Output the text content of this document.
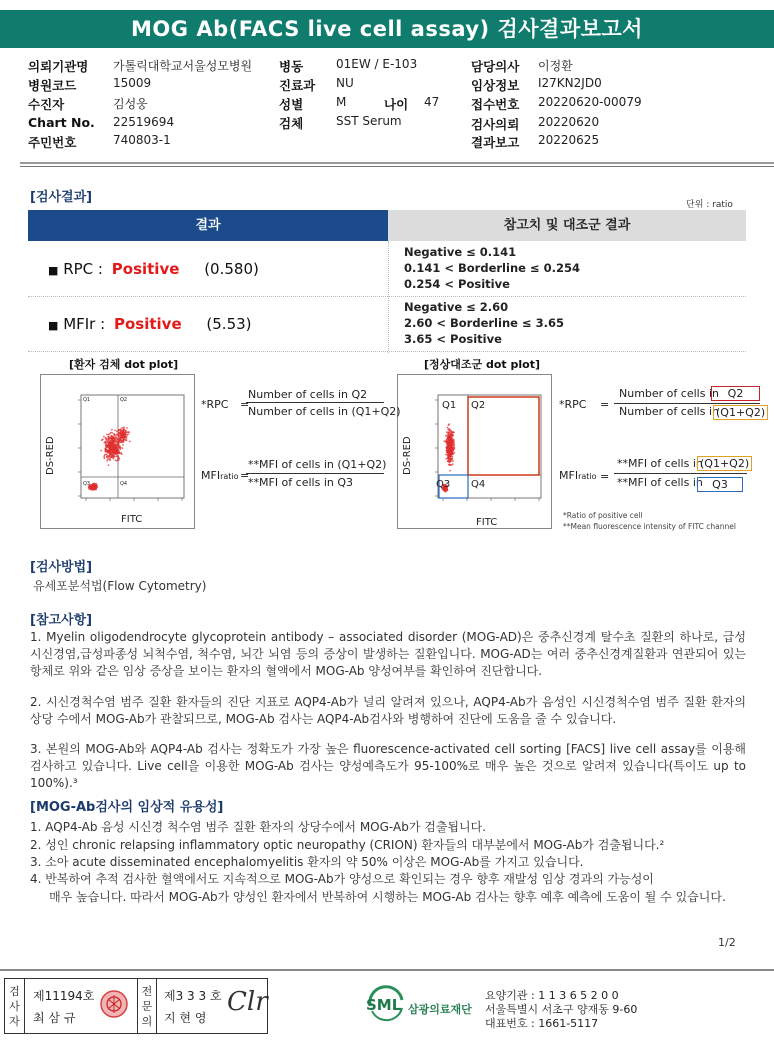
MOG Ab(FACS live cell assay) 검사결과보고서
의뢰기관명 가톨릭대학교서울성모병원
병원코드	15009
수진자	김성웅
Chart No. 22519694
주민번호	740803-1
병동	01EW / E-103
진료과 NU
성별	M	나이 47
검체	SST Serum
담당의사 이정환
임상정보 I27KN2JD0
접수번호 20220620-00079
검사의뢰 20220620
결과보고 20220625
[검사결과]	단위 : ratio
결과	참고치 및 대조군 결과
■ RPC : Positive (0.580)
Negative ≤ 0.141
0.141 < Borderline ≤ 0.254
0.254 < Positive
■ MFIr : Positive (5.53)
Negative ≤ 2.60
2.60 < Borderline ≤ 3.65
3.65 < Positive
[환자 검체 dot plot]	[정상대조군 dot plot]
Q1	Q2
Q3	Q4
DS-RED
FITC
Q1 Q2
Q3 Q4
DS-RED
FITC
*RPC =
Number of cells in Q2
Number of cells in (Q1+Q2)
MFIratio =
**MFI of cells in (Q1+Q2)
**MFI of cells in Q3
*RPC =
Number of cells in Q2
Number of cells in
(Q1+Q2)
MFIratio =
**MFI of cells in
(Q1+Q2)
**MFI of cells in Q3
*Ratio of positive cell
**Mean fluorescence intensity of FITC channel
[검사방법]
유세포분석법(Flow Cytometry)
[참고사항]
1. Myelin oligodendrocyte glycoprotein antibody – associated disorder (MOG-AD)은 중추신경계 탈수초 질환의 하나로, 급성 시신경염,급성파종성 뇌척수염, 척수염, 뇌간 뇌염 등의 증상이 발생하는 질환입니다. MOG-AD는 여러 중추신경계질환과 연관되어 있는 항체로 위와 같은 임상 증상을 보이는 환자의 혈액에서 MOG-Ab 양성여부를 확인하여 진단합니다.
2. 시신경척수염 범주 질환 환자들의 진단 지표로 AQP4-Ab가 널리 알려져 있으나, AQP4-Ab가 음성인 시신경척수염 범주 질환 환자의 상당 수에서 MOG-Ab가 관찰되므로, MOG-Ab 검사는 AQP4-Ab검사와 병행하여 진단에 도움을 줄 수 있습니다.
3. 본원의 MOG-Ab와 AQP4-Ab 검사는 정확도가 가장 높은 fluorescence-activated cell sorting [FACS] live cell assay를 이용해 검사하고 있습니다. Live cell을 이용한 MOG-Ab 검사는 양성예측도가 95-100%로 매우 높은 것으로 알려져 있습니다(특이도 up to 100%).³
[MOG-Ab검사의 임상적 유용성]
1. AQP4-Ab 음성 시신경 척수염 범주 질환 환자의 상당수에서 MOG-Ab가 검출됩니다.
2. 성인 chronic relapsing inflammatory optic neuropathy (CRION) 환자들의 대부분에서 MOG-Ab가 검출됩니다.²
3. 소아 acute disseminated encephalomyelitis 환자의 약 50% 이상은 MOG-Ab를 가지고 있습니다.
4. 반복하여 추적 검사한 혈액에서도 지속적으로 MOG-Ab가 양성으로 확인되는 경우 향후 재발성 임상 경과의 가능성이
매우 높습니다. 따라서 MOG-Ab가 양성인 환자에서 반복하여 시행하는 MOG-Ab 검사는 향후 예후 예측에 도움이 될 수 있습니다.
1/2
검사자
제11194호
최 삼 규
전문의
제3 3 3 호
지 현 영
Clr	SML 삼광의료재단
요양기관 : 1 1 3 6 5 2 0 0
서울특별시 서초구 양재동 9-60
대표번호 : 1661-5117
